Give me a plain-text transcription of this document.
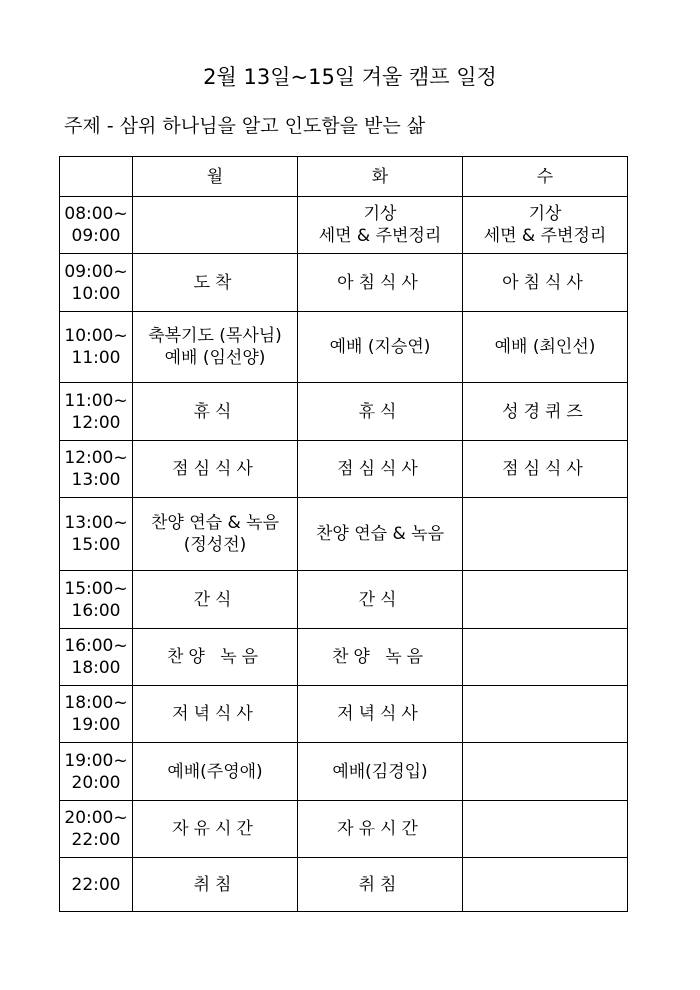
2월 13일~15일 겨울 캠프 일정
주제 - 삼위 하나님을 알고 인도함을 받는 삶
	월	화	수
08:00~
09:00		기상
세면 & 주변정리	기상
세면 & 주변정리
09:00~
10:00	도착	아침식사	아침식사
10:00~
11:00	축복기도 (목사님)
예배 (임선양)	예배 (지승연)	예배 (최인선)
11:00~
12:00	휴식	휴식	성경퀴즈
12:00~
13:00	점심식사	점심식사	점심식사
13:00~
15:00	찬양 연습 & 녹음
(정성전)	찬양 연습 & 녹음	
15:00~
16:00	간식	간식	
16:00~
18:00	찬양 녹음	찬양 녹음	
18:00~
19:00	저녁식사	저녁식사	
19:00~
20:00	예배(주영애)	예배(김경입)	
20:00~
22:00	자유시간	자유시간	
22:00	취침	취침	
